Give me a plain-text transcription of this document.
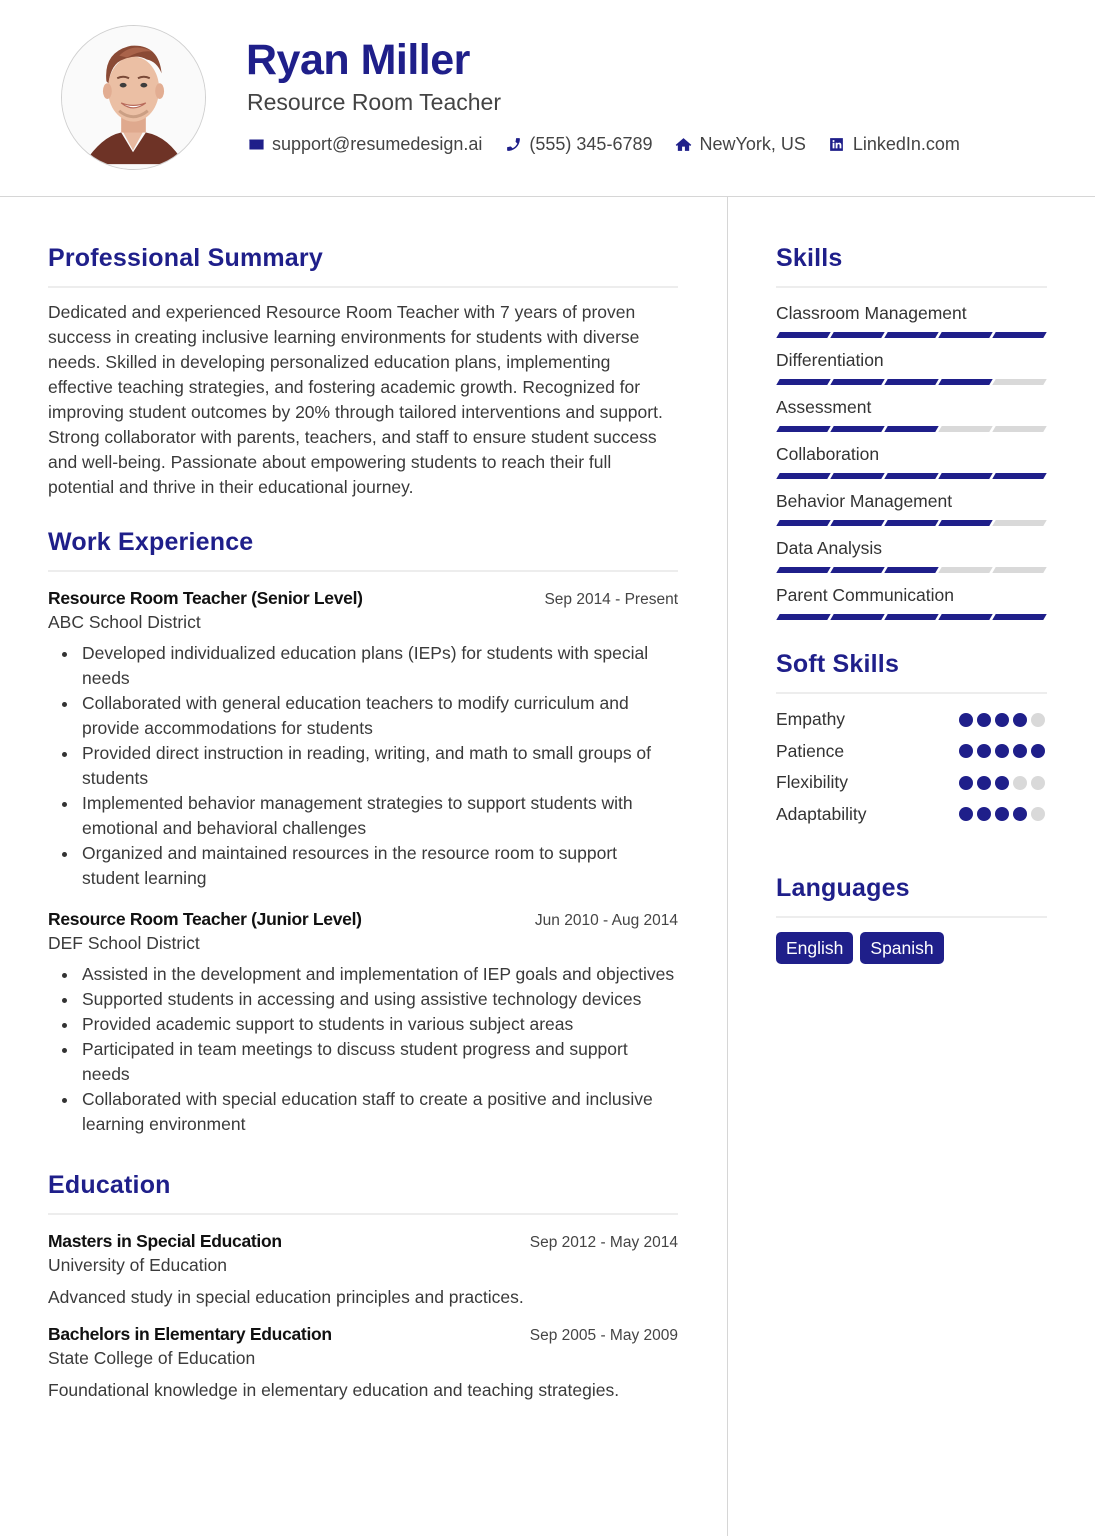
Ryan Miller
Resource Room Teacher
support@resumedesign.ai	(555) 345-6789	NewYork, US	LinkedIn.com
Professional Summary

Dedicated and experienced Resource Room Teacher with 7 years of proven success in creating inclusive learning environments for students with diverse needs. Skilled in developing personalized education plans, implementing effective teaching strategies, and fostering academic growth. Recognized for improving student outcomes by 20% through tailored interventions and support. Strong collaborator with parents, teachers, and staff to ensure student success and well-being. Passionate about empowering students to reach their full potential and thrive in their educational journey.

Work Experience
Resource Room Teacher (Senior Level)	Sep 2014 - Present
ABC School District
Developed individualized education plans (IEPs) for students with special needs
Collaborated with general education teachers to modify curriculum and provide accommodations for students
Provided direct instruction in reading, writing, and math to small groups of students
Implemented behavior management strategies to support students with emotional and behavioral challenges
Organized and maintained resources in the resource room to support student learning
Resource Room Teacher (Junior Level)	Jun 2010 - Aug 2014
DEF School District
Assisted in the development and implementation of IEP goals and objectives
Supported students in accessing and using assistive technology devices
Provided academic support to students in various subject areas
Participated in team meetings to discuss student progress and support needs
Collaborated with special education staff to create a positive and inclusive learning environment
Education
Masters in Special Education	Sep 2012 - May 2014
University of Education

Advanced study in special education principles and practices.

Bachelors in Elementary Education	Sep 2005 - May 2009
State College of Education

Foundational knowledge in elementary education and teaching strategies.

Skills
Classroom Management
Differentiation
Assessment
Collaboration
Behavior Management
Data Analysis
Parent Communication
Soft Skills
Empathy
Patience
Flexibility
Adaptability
Languages
English	Spanish
